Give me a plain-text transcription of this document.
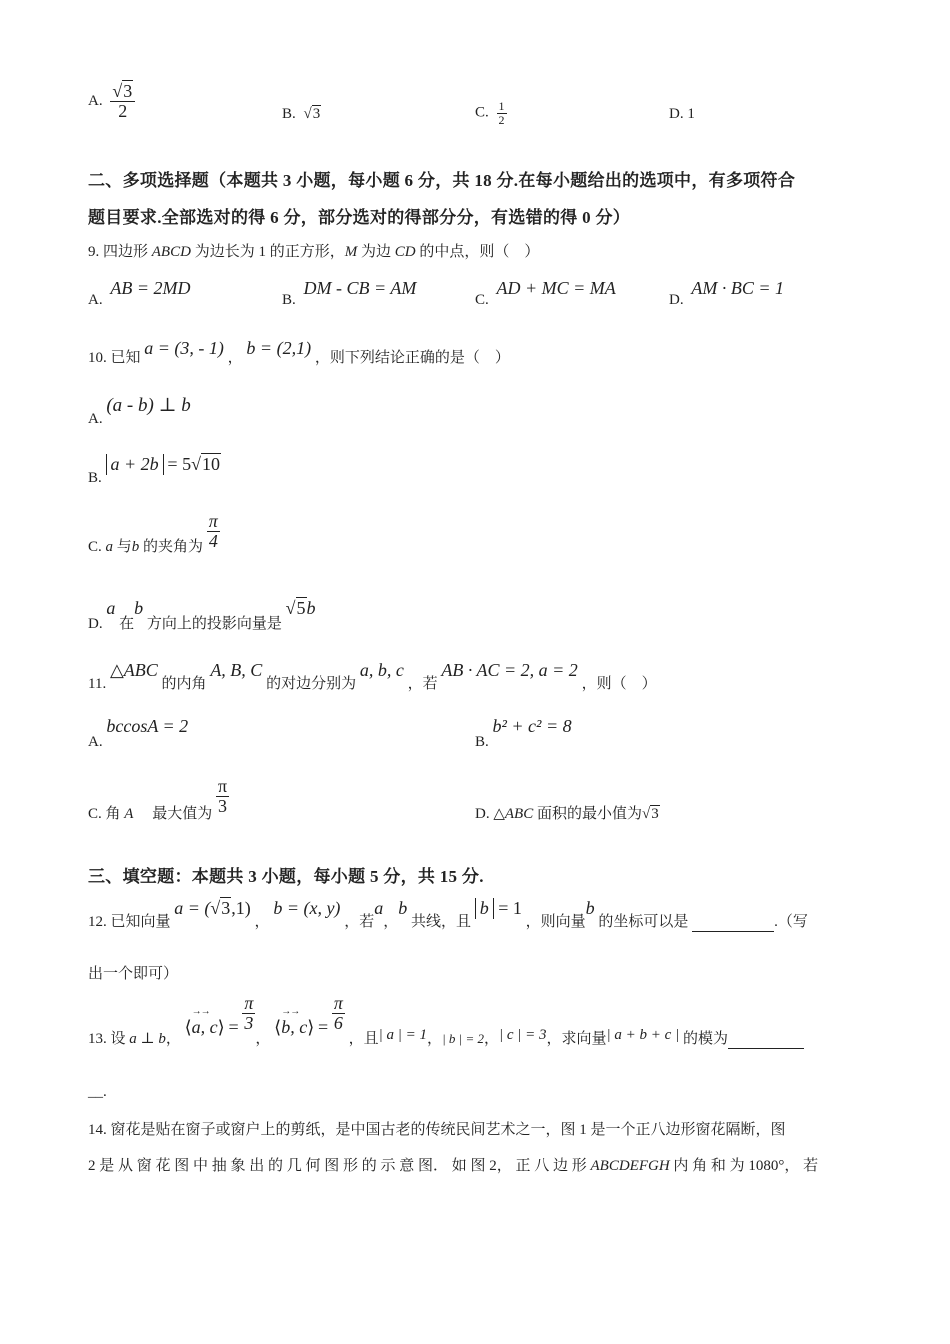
A. $\frac{√3}{2}$	B. √3	C. $\frac{1}{2}$	D. 1
二、多项选择题（本题共 3 小题，每小题 6 分，共 18 分.在每小题给出的选项中，有多项符合
题目要求.全部选对的得 6 分，部分选对的得部分分，有选错的得 0 分）
9. 四边形 ABCD 为边长为 1 的正方形，M 为边 CD 的中点，则（　）
A. AB = 2MD
B. DM - CB = AM
C. AD + MC = MA
D. AM · BC = 1
10. 已知 a = (3, - 1) ， b = (2,1) ，则下列结论正确的是（　）
A. (a - b) ⊥ b
B. a + 2b = 5√10
C. a 与b 的夹角为 $\frac{\pi}{4}$
D. a 在b 方向上的投影向量是 √5b
11. △ABC 的内角 A, B, C 的对边分别为 a, b, c ，若 AB · AC = 2, a = 2 ，则（　）
A. bccosA = 2
B. b² + c² = 8
C. 角 A 　最大值为 $\frac{\pi}{3}$	D. △ABC 面积的最小值为√3
三、填空题：本题共 3 小题，每小题 5 分，共 15 分.
12. 已知向量 a = (√3,1) ， b = (x, y) ，若a，b 共线，且 b = 1 ，则向量b 的坐标可以是	.（写
出一个即可）
13. 设 a ⊥ b， ⟨
→→
a, c⟩ = $\frac{\pi}{3}$
， ⟨
→→
b, c⟩ = $\frac{\pi}{6}$
，且| a | = 1，| b | = 2，| c | = 3，求向量| a + b + c | 的模为
__.
14. 窗花是贴在窗子或窗户上的剪纸，是中国古老的传统民间艺术之一，图 1 是一个正八边形窗花隔断，图
2 是 从 窗 花 图 中 抽 象 出 的 几 何 图 形 的 示 意 图． 如 图 2， 正 八 边 形 ABCDEFGH 内 角 和 为 1080°， 若
